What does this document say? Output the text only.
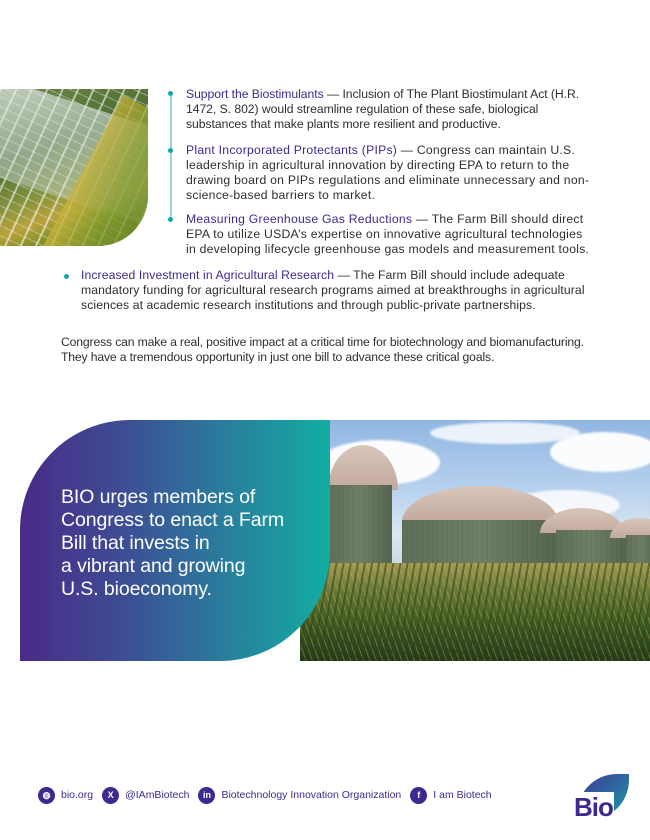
Support the Biostimulants — Inclusion of The Plant Biostimulant Act (H.R. 1472, S. 802) would streamline regulation of these safe, biological substances that make plants more resilient and productive.
Plant Incorporated Protectants (PIPs) — Congress can maintain U.S. leadership in agricultural innovation by directing EPA to return to the drawing board on PIPs regulations and eliminate unnecessary and non-science-based barriers to market.
Measuring Greenhouse Gas Reductions — The Farm Bill should direct EPA to utilize USDA’s expertise on innovative agricultural technologies in developing lifecycle greenhouse gas models and measurement tools.
Increased Investment in Agricultural Research — The Farm Bill should include adequate mandatory funding for agricultural research programs aimed at breakthroughs in agricultural sciences at academic research institutions and through public-private partnerships.

Congress can make a real, positive impact at a critical time for biotechnology and biomanufacturing. They have a tremendous opportunity in just one bill to advance these critical goals.

BIO urges members of
Congress to enact a Farm
Bill that invests in
a vibrant and growing
U.S. bioeconomy.
◍	bio.org	X	@IAmBiotech	in	Biotechnology Innovation Organization	f	I am Biotech	Bio
